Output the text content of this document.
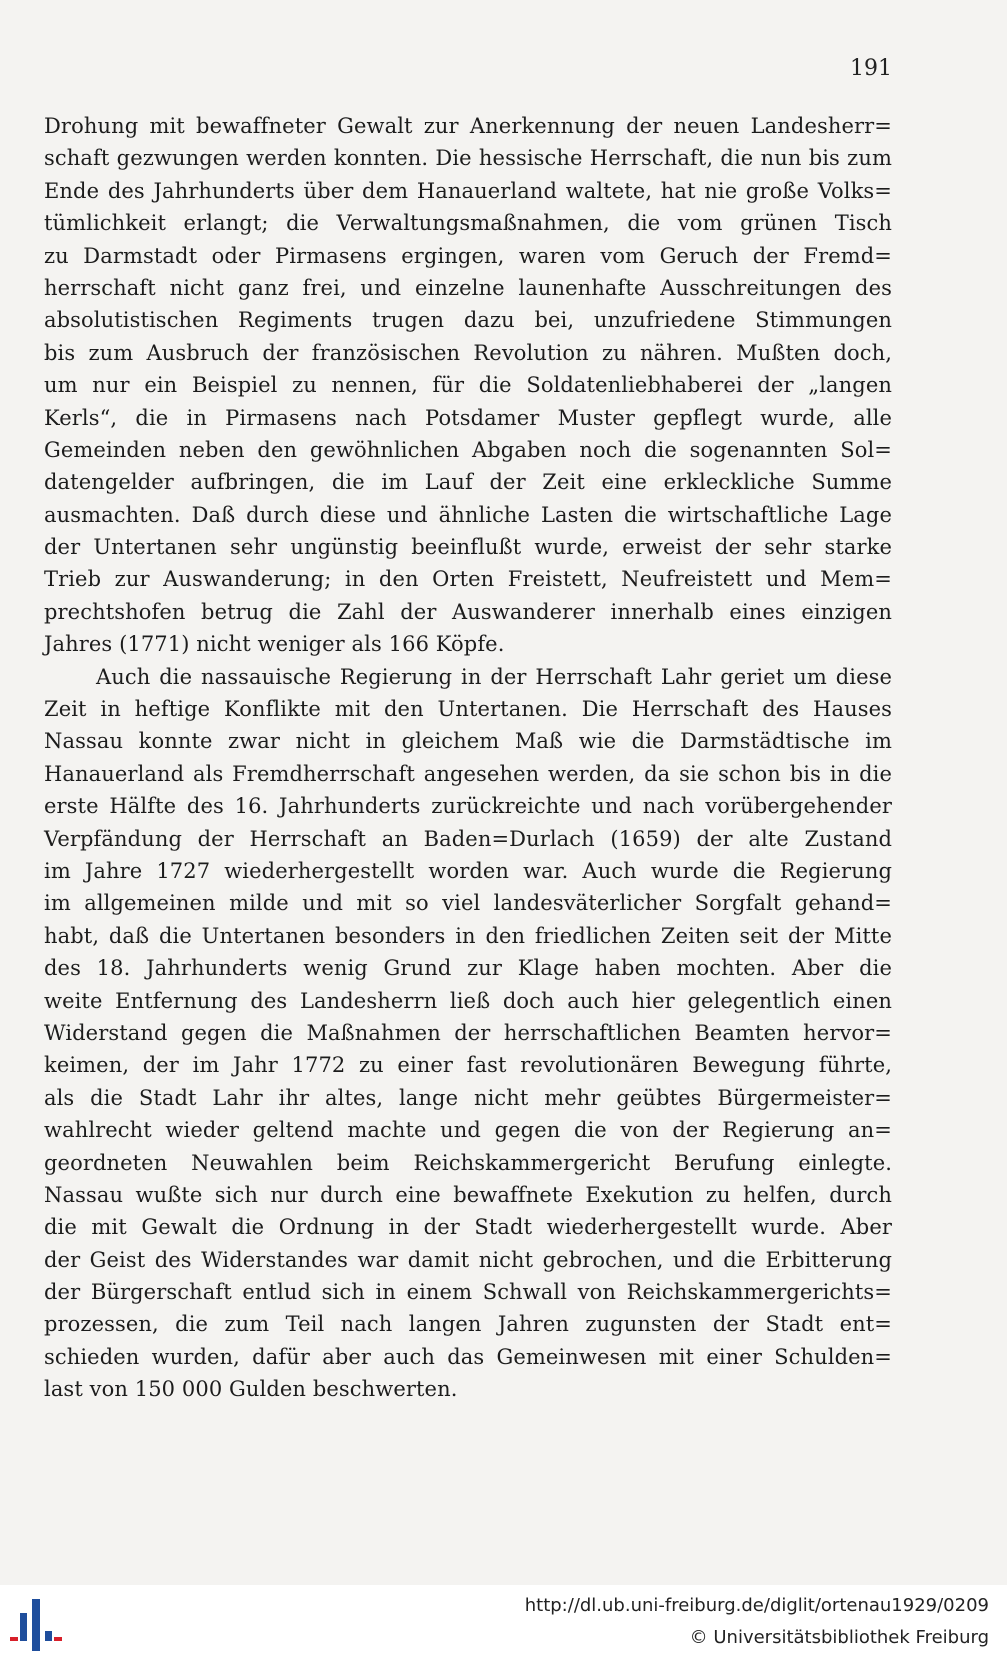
191
Drohung mit bewaffneter Gewalt zur Anerkennung der neuen Landesherr=
schaft gezwungen werden konnten. Die hessische Herrschaft, die nun bis zum
Ende des Jahrhunderts über dem Hanauerland waltete, hat nie große Volks=
tümlichkeit erlangt; die Verwaltungsmaßnahmen, die vom grünen Tisch
zu Darmstadt oder Pirmasens ergingen, waren vom Geruch der Fremd=
herrschaft nicht ganz frei, und einzelne launenhafte Ausschreitungen des
absolutistischen Regiments trugen dazu bei, unzufriedene Stimmungen
bis zum Ausbruch der französischen Revolution zu nähren. Mußten doch,
um nur ein Beispiel zu nennen, für die Soldatenliebhaberei der „langen
Kerls“, die in Pirmasens nach Potsdamer Muster gepflegt wurde, alle
Gemeinden neben den gewöhnlichen Abgaben noch die sogenannten Sol=
datengelder aufbringen, die im Lauf der Zeit eine erkleckliche Summe
ausmachten. Daß durch diese und ähnliche Lasten die wirtschaftliche Lage
der Untertanen sehr ungünstig beeinflußt wurde, erweist der sehr starke
Trieb zur Auswanderung; in den Orten Freistett, Neufreistett und Mem=
prechtshofen betrug die Zahl der Auswanderer innerhalb eines einzigen
Jahres (1771) nicht weniger als 166 Köpfe.
Auch die nassauische Regierung in der Herrschaft Lahr geriet um diese
Zeit in heftige Konflikte mit den Untertanen. Die Herrschaft des Hauses
Nassau konnte zwar nicht in gleichem Maß wie die Darmstädtische im
Hanauerland als Fremdherrschaft angesehen werden, da sie schon bis in die
erste Hälfte des 16. Jahrhunderts zurückreichte und nach vorübergehender
Verpfändung der Herrschaft an Baden=Durlach (1659) der alte Zustand
im Jahre 1727 wiederhergestellt worden war. Auch wurde die Regierung
im allgemeinen milde und mit so viel landesväterlicher Sorgfalt gehand=
habt, daß die Untertanen besonders in den friedlichen Zeiten seit der Mitte
des 18. Jahrhunderts wenig Grund zur Klage haben mochten. Aber die
weite Entfernung des Landesherrn ließ doch auch hier gelegentlich einen
Widerstand gegen die Maßnahmen der herrschaftlichen Beamten hervor=
keimen, der im Jahr 1772 zu einer fast revolutionären Bewegung führte,
als die Stadt Lahr ihr altes, lange nicht mehr geübtes Bürgermeister=
wahlrecht wieder geltend machte und gegen die von der Regierung an=
geordneten Neuwahlen beim Reichskammergericht Berufung einlegte.
Nassau wußte sich nur durch eine bewaffnete Exekution zu helfen, durch
die mit Gewalt die Ordnung in der Stadt wiederhergestellt wurde. Aber
der Geist des Widerstandes war damit nicht gebrochen, und die Erbitterung
der Bürgerschaft entlud sich in einem Schwall von Reichskammergerichts=
prozessen, die zum Teil nach langen Jahren zugunsten der Stadt ent=
schieden wurden, dafür aber auch das Gemeinwesen mit einer Schulden=
last von 150 000 Gulden beschwerten.
http://dl.ub.uni-freiburg.de/diglit/ortenau1929/0209
© Universitätsbibliothek Freiburg
